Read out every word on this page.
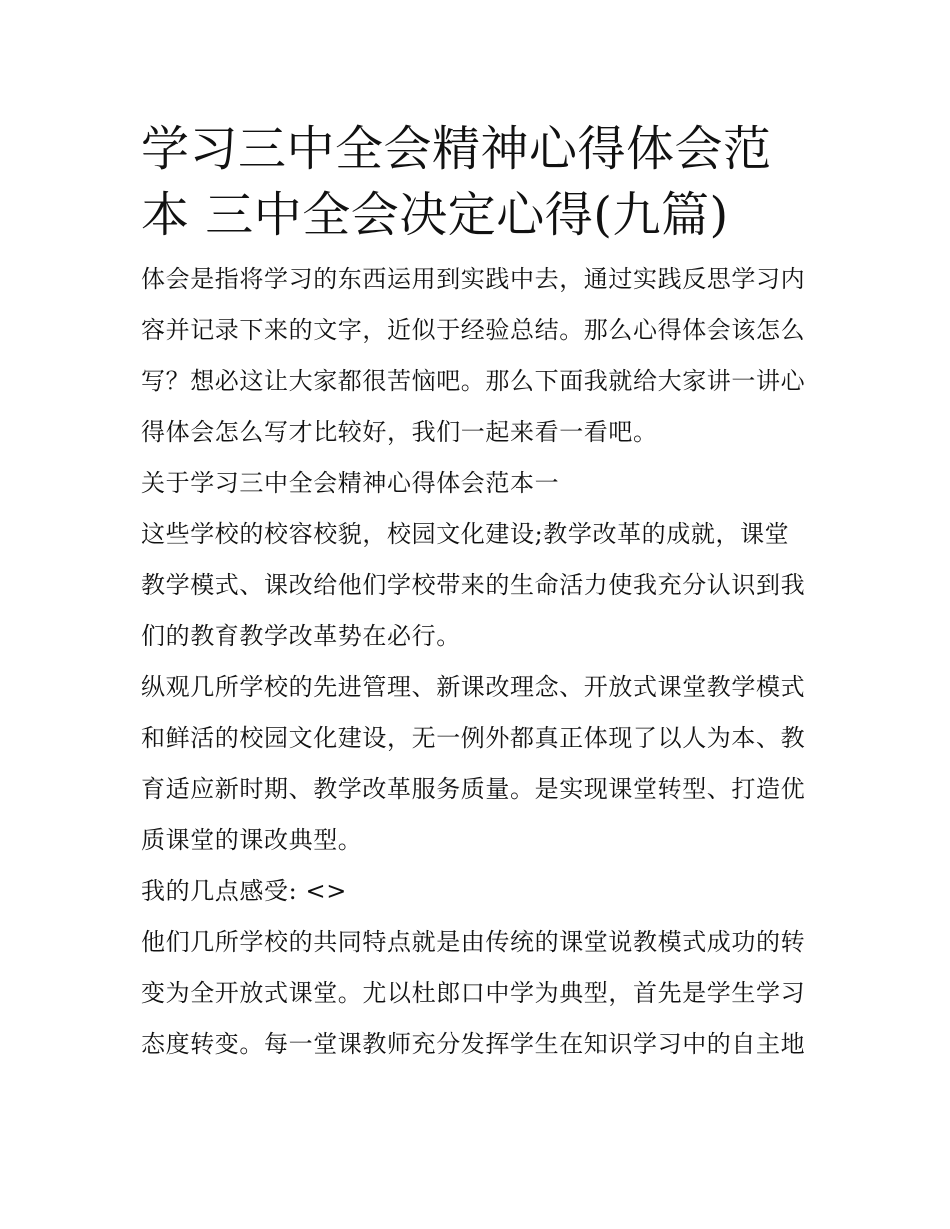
学习三中全会精神心得体会范
本 三中全会决定心得(九篇)

体会是指将学习的东西运用到实践中去，通过实践反思学习内
容并记录下来的文字，近似于经验总结。那么心得体会该怎么
写？想必这让大家都很苦恼吧。那么下面我就给大家讲一讲心
得体会怎么写才比较好，我们一起来看一看吧。

关于学习三中全会精神心得体会范本一

这些学校的校容校貌，校园文化建设;教学改革的成就，课堂
教学模式、课改给他们学校带来的生命活力使我充分认识到我
们的教育教学改革势在必行。

纵观几所学校的先进管理、新课改理念、开放式课堂教学模式
和鲜活的校园文化建设，无一例外都真正体现了以人为本、教
育适应新时期、教学改革服务质量。是实现课堂转型、打造优
质课堂的课改典型。

我的几点感受: <>

他们几所学校的共同特点就是由传统的课堂说教模式成功的转
变为全开放式课堂。尤以杜郎口中学为典型，首先是学生学习
态度转变。每一堂课教师充分发挥学生在知识学习中的自主地
